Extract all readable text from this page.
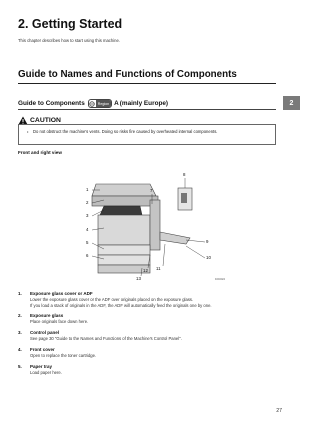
2. Getting Started
This chapter describes how to start using this machine.
2
Guide to Names and Functions of Components
Guide to Components	Region A (mainly Europe)
CAUTION
•	Do not obstruct the machine's vents. Doing so risks fire caused by overheated internal components.
Front and right view
1
2
3
4
5
6
7
8
9
10
11
12
13	DJC0024
1.	Exposure glass cover or ADF
Lower the exposure glass cover or the ADF over originals placed on the exposure glass.
If you load a stack of originals in the ADF, the ADF will automatically feed the originals one by one.
2.	Exposure glass
Place originals face down here.
3.	Control panel
See page 30 "Guide to the Names and Functions of the Machine's Control Panel".
4.	Front cover
Open to replace the toner cartridge.
5.	Paper tray
Load paper here.
27
